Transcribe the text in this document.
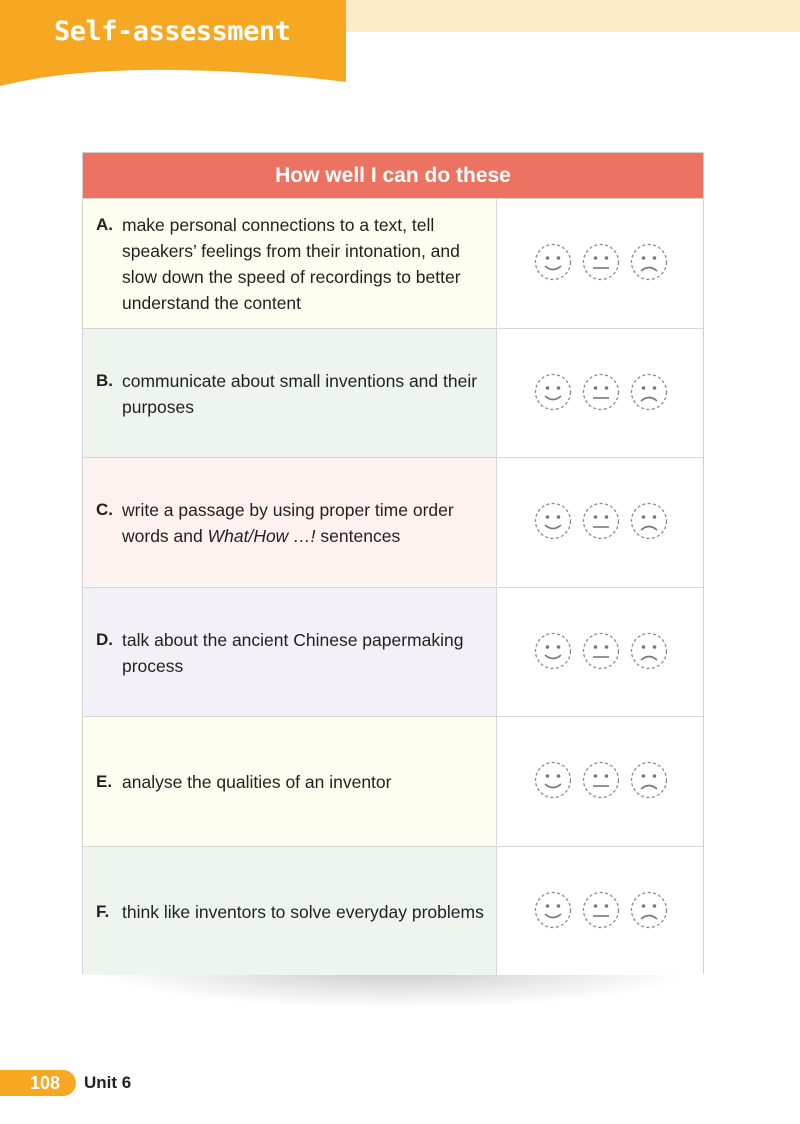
Self-assessment
How well I can do these
A. make personal connections to a text, tell
speakers’ feelings from their intonation, and
slow down the speed of recordings to better
understand the content
B. communicate about small inventions and their
purposes
C. write a passage by using proper time order
words and What/How …! sentences
D. talk about the ancient Chinese papermaking
process
E. analyse the qualities of an inventor
F. think like inventors to solve everyday problems
108	Unit 6
